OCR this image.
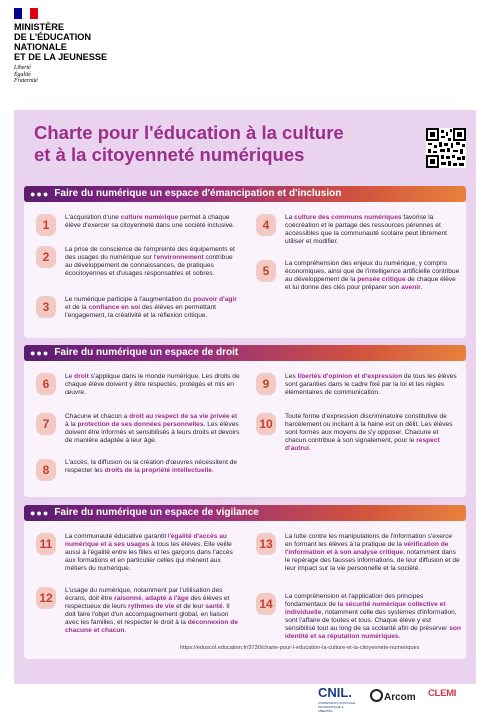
MINISTÈRE
DE L'ÉDUCATION
NATIONALE
ET DE LA JEUNESSE
Liberté
Égalité
Fraternité
Charte pour l'éducation à la culture
et à la citoyenneté numériques
●●● Faire du numérique un espace d'émancipation et d'inclusion
1
L'acquisition d'une culture numérique permet à chaque élève d'exercer sa citoyenneté dans une société inclusive.
2
La prise de conscience de l'empreinte des équipements et des usages du numérique sur l'environnement contribue au développement de connaissances, de pratiques écocitoyennes et d'usages responsables et sobres.
3
Le numérique participe à l'augmentation du pouvoir d'agir et de la confiance en soi des élèves en permettant l'engagement, la créativité et la réflexion critique.
4
La culture des communs numériques favorise la coécréation et le partage des ressources pérennes et accessibles que la communauté scolaire peut librement utiliser et modifier.
5
La compréhension des enjeux du numérique, y compris économiques, ainsi que de l'intelligence artificielle contribue au développement de la pensée critique de chaque élève et lui donne des clés pour préparer son avenir.
●●● Faire du numérique un espace de droit
6
Le droit s'applique dans le monde numérique. Les droits de chaque élève doivent y être respectés, protégés et mis en œuvre.
7
Chacune et chacun a droit au respect de sa vie privée et à la protection de ses données personnelles. Les élèves doivent être informés et sensibilisés à leurs droits et devoirs de manière adaptée à leur âge.
8
L'accès, la diffusion ou la création d'œuvres nécessitent de respecter les droits de la propriété intellectuelle.
9
Les libertés d'opinion et d'expression de tous les élèves sont garanties dans le cadre fixé par la loi et les règles élémentaires de communication.
10
Toute forme d'expression discriminatoire constitutive de harcèlement ou incitant à la haine est un délit. Les élèves sont formés aux moyens de s'y opposer. Chacune et chacun contribue à son signalement, pour le respect d'autrui.
●●● Faire du numérique un espace de vigilance
11
La communauté éducative garantit l'égalité d'accès au numérique et à ses usages à tous les élèves. Elle veille aussi à l'égalité entre les filles et les garçons dans l'accès aux formations et en particulier celles qui mènent aux métiers du numérique.
12
L'usage du numérique, notamment par l'utilisation des écrans, doit être raisonné, adapté à l'âge des élèves et respectueux de leurs rythmes de vie et de leur santé. Il doit faire l'objet d'un accompagnement global, en liaison avec les familles, et respecter le droit à la déconnexion de chacune et chacun.
13
La lutte contre les manipulations de l'information s'exerce en formant les élèves à la pratique de la vérification de l'information et à son analyse critique, notamment dans le repérage des fausses informations, de leur diffusion et de leur impact sur la vie personnelle et la société.
14
La compréhension et l'application des principes fondamentaux de la sécurité numérique collective et individuelle, notamment celle des systèmes d'information, sont l'affaire de toutes et tous. Chaque élève y est sensibilisé tout au long de sa scolarité afin de préserver son identité et sa réputation numériques.
https://eduscol.education.fr/3730/charte-pour-l-education-la-culture-et-la-citoyennete-numeriques
CNIL.
COMMISSION NATIONALE INFORMATIQUE & LIBERTÉS
Arcom CLEMI
